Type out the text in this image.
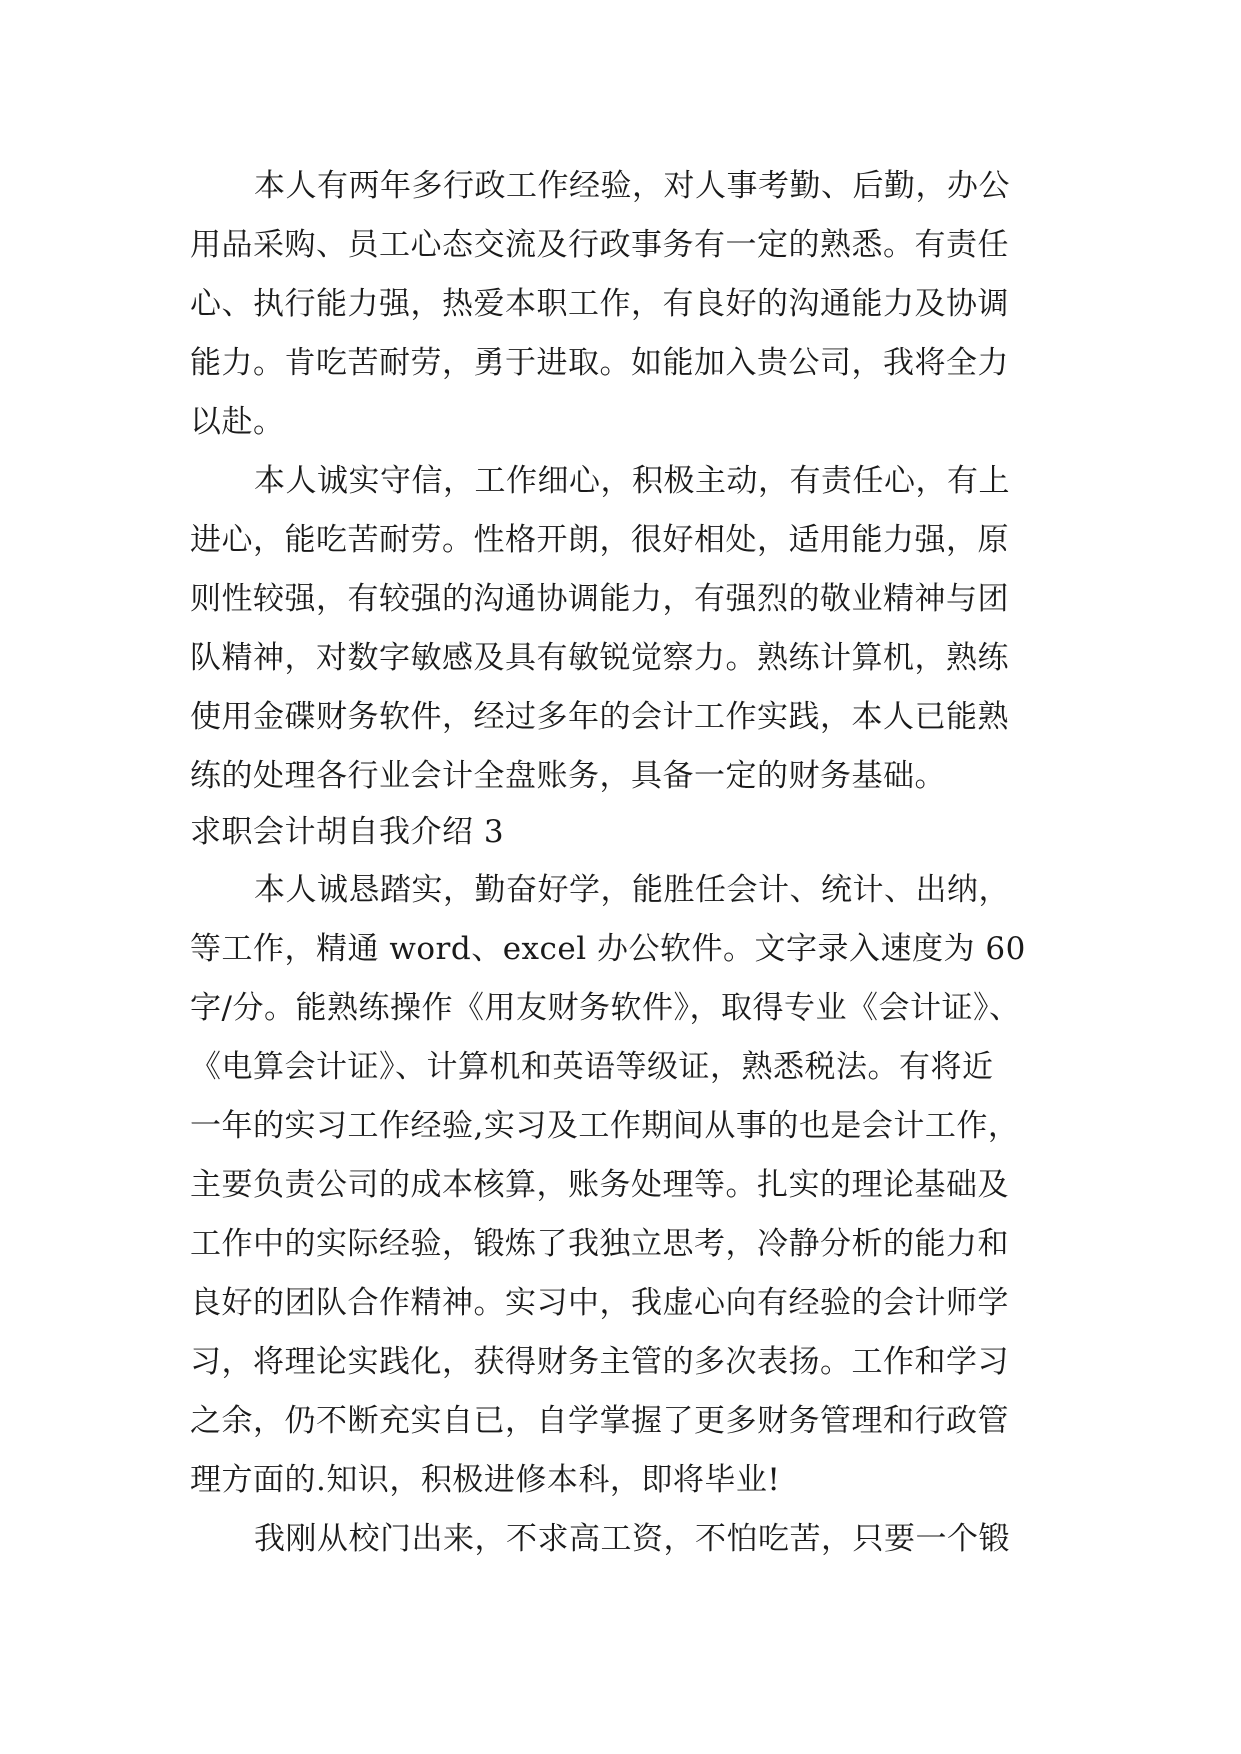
本人有两年多行政工作经验，对人事考勤、后勤，办公
用品采购、员工心态交流及行政事务有一定的熟悉。有责任
心、执行能力强，热爱本职工作，有良好的沟通能力及协调
能力。肯吃苦耐劳，勇于进取。如能加入贵公司，我将全力
以赴。
本人诚实守信，工作细心，积极主动，有责任心，有上
进心，能吃苦耐劳。性格开朗，很好相处，适用能力强，原
则性较强，有较强的沟通协调能力，有强烈的敬业精神与团
队精神，对数字敏感及具有敏锐觉察力。熟练计算机，熟练
使用金碟财务软件，经过多年的会计工作实践，本人已能熟
练的处理各行业会计全盘账务，具备一定的财务基础。
求职会计胡自我介绍 3
本人诚恳踏实，勤奋好学，能胜任会计、统计、出纳，
等工作，精通 word、excel 办公软件。文字录入速度为 60
字/分。能熟练操作《用友财务软件》，取得专业《会计证》、
《电算会计证》、计算机和英语等级证，熟悉税法。有将近
一年的实习工作经验,实习及工作期间从事的也是会计工作，
主要负责公司的成本核算，账务处理等。扎实的理论基础及
工作中的实际经验，锻炼了我独立思考，冷静分析的能力和
良好的团队合作精神。实习中，我虚心向有经验的会计师学
习，将理论实践化，获得财务主管的多次表扬。工作和学习
之余，仍不断充实自已，自学掌握了更多财务管理和行政管
理方面的.知识，积极进修本科，即将毕业!
我刚从校门出来，不求高工资，不怕吃苦，只要一个锻
